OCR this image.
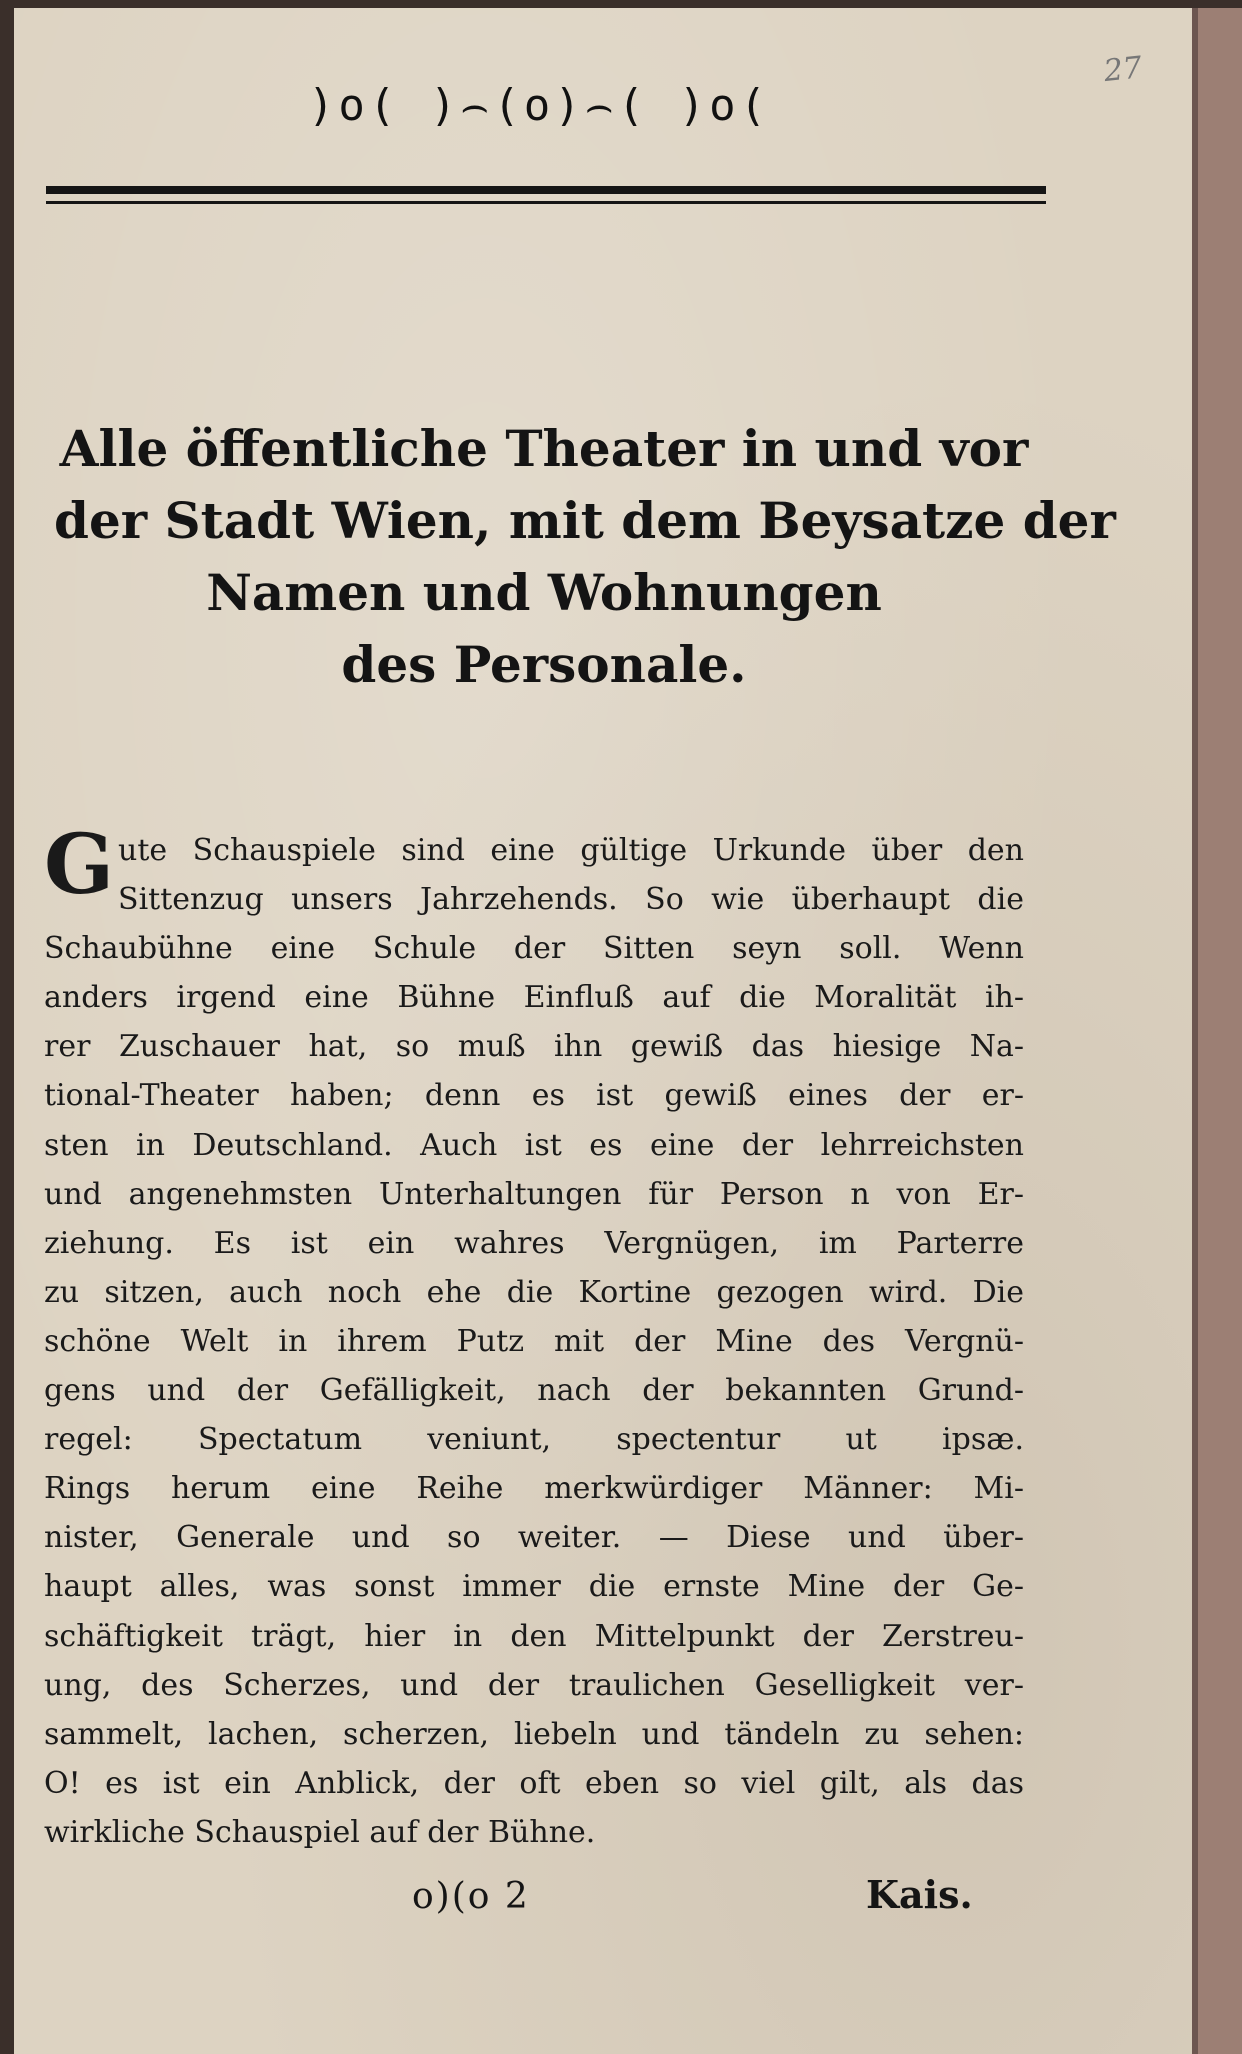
)o( )⌢(o)⌢( )o(
27
Alle öffentliche Theater in und vor
der Stadt Wien, mit dem Beysatze der
Namen und Wohnungen
des Personale.
G ute Schauspiele sind eine gültige Urkunde über den
Sittenzug unsers Jahrzehends. So wie überhaupt die
Schaubühne eine Schule der Sitten seyn soll. Wenn
anders irgend eine Bühne Einfluß auf die Moralität ih-
rer Zuschauer hat, so muß ihn gewiß das hiesige Na-
tional-Theater haben; denn es ist gewiß eines der er-
sten in Deutschland. Auch ist es eine der lehrreichsten
und angenehmsten Unterhaltungen für Person n von Er-
ziehung. Es ist ein wahres Vergnügen, im Parterre
zu sitzen, auch noch ehe die Kortine gezogen wird. Die
schöne Welt in ihrem Putz mit der Mine des Vergnü-
gens und der Gefälligkeit, nach der bekannten Grund-
regel: Spectatum veniunt, spectentur ut ipsæ.
Rings herum eine Reihe merkwürdiger Männer: Mi-
nister, Generale und so weiter. — Diese und über-
haupt alles, was sonst immer die ernste Mine der Ge-
schäftigkeit trägt, hier in den Mittelpunkt der Zerstreu-
ung, des Scherzes, und der traulichen Geselligkeit ver-
sammelt, lachen, scherzen, liebeln und tändeln zu sehen:
O! es ist ein Anblick, der oft eben so viel gilt, als das
wirkliche Schauspiel auf der Bühne.
o)(o 2	Kais.
